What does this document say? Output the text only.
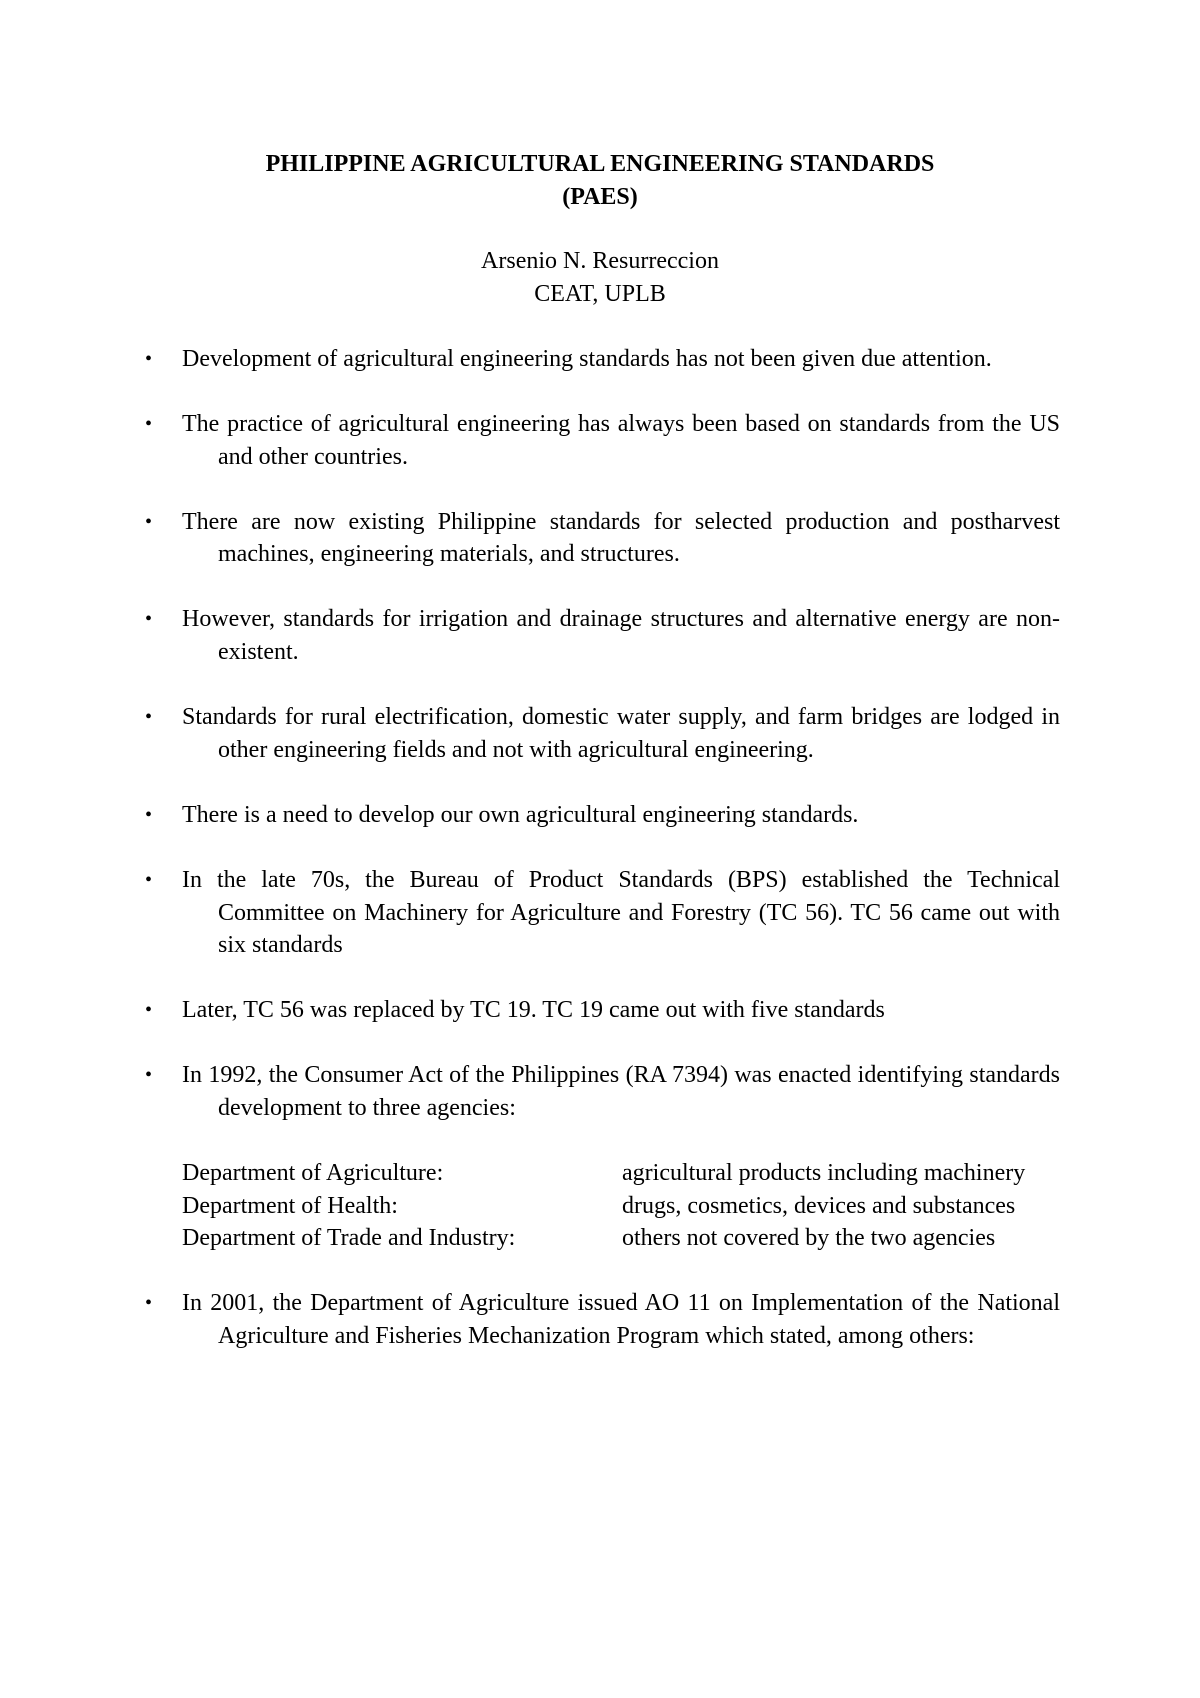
PHILIPPINE AGRICULTURAL ENGINEERING STANDARDS
(PAES)
Arsenio N. Resurreccion
CEAT, UPLB
• Development of agricultural engineering standards has not been given due attention.
• The practice of agricultural engineering has always been based on standards from the US and other countries.
• There are now existing Philippine standards for selected production and postharvest machines, engineering materials, and structures.
• However, standards for irrigation and drainage structures and alternative energy are non-existent.
• Standards for rural electrification, domestic water supply, and farm bridges are lodged in other engineering fields and not with agricultural engineering.
• There is a need to develop our own agricultural engineering standards.
• In the late 70s, the Bureau of Product Standards (BPS) established the Technical Committee on Machinery for Agriculture and Forestry (TC 56). TC 56 came out with six standards
• Later, TC 56 was replaced by TC 19. TC 19 came out with five standards
• In 1992, the Consumer Act of the Philippines (RA 7394) was enacted identifying standards development to three agencies:
Department of Agriculture:	agricultural products including machinery
Department of Health:	drugs, cosmetics, devices and substances
Department of Trade and Industry:	others not covered by the two agencies
• In 2001, the Department of Agriculture issued AO 11 on Implementation of the National Agriculture and Fisheries Mechanization Program which stated, among others:
